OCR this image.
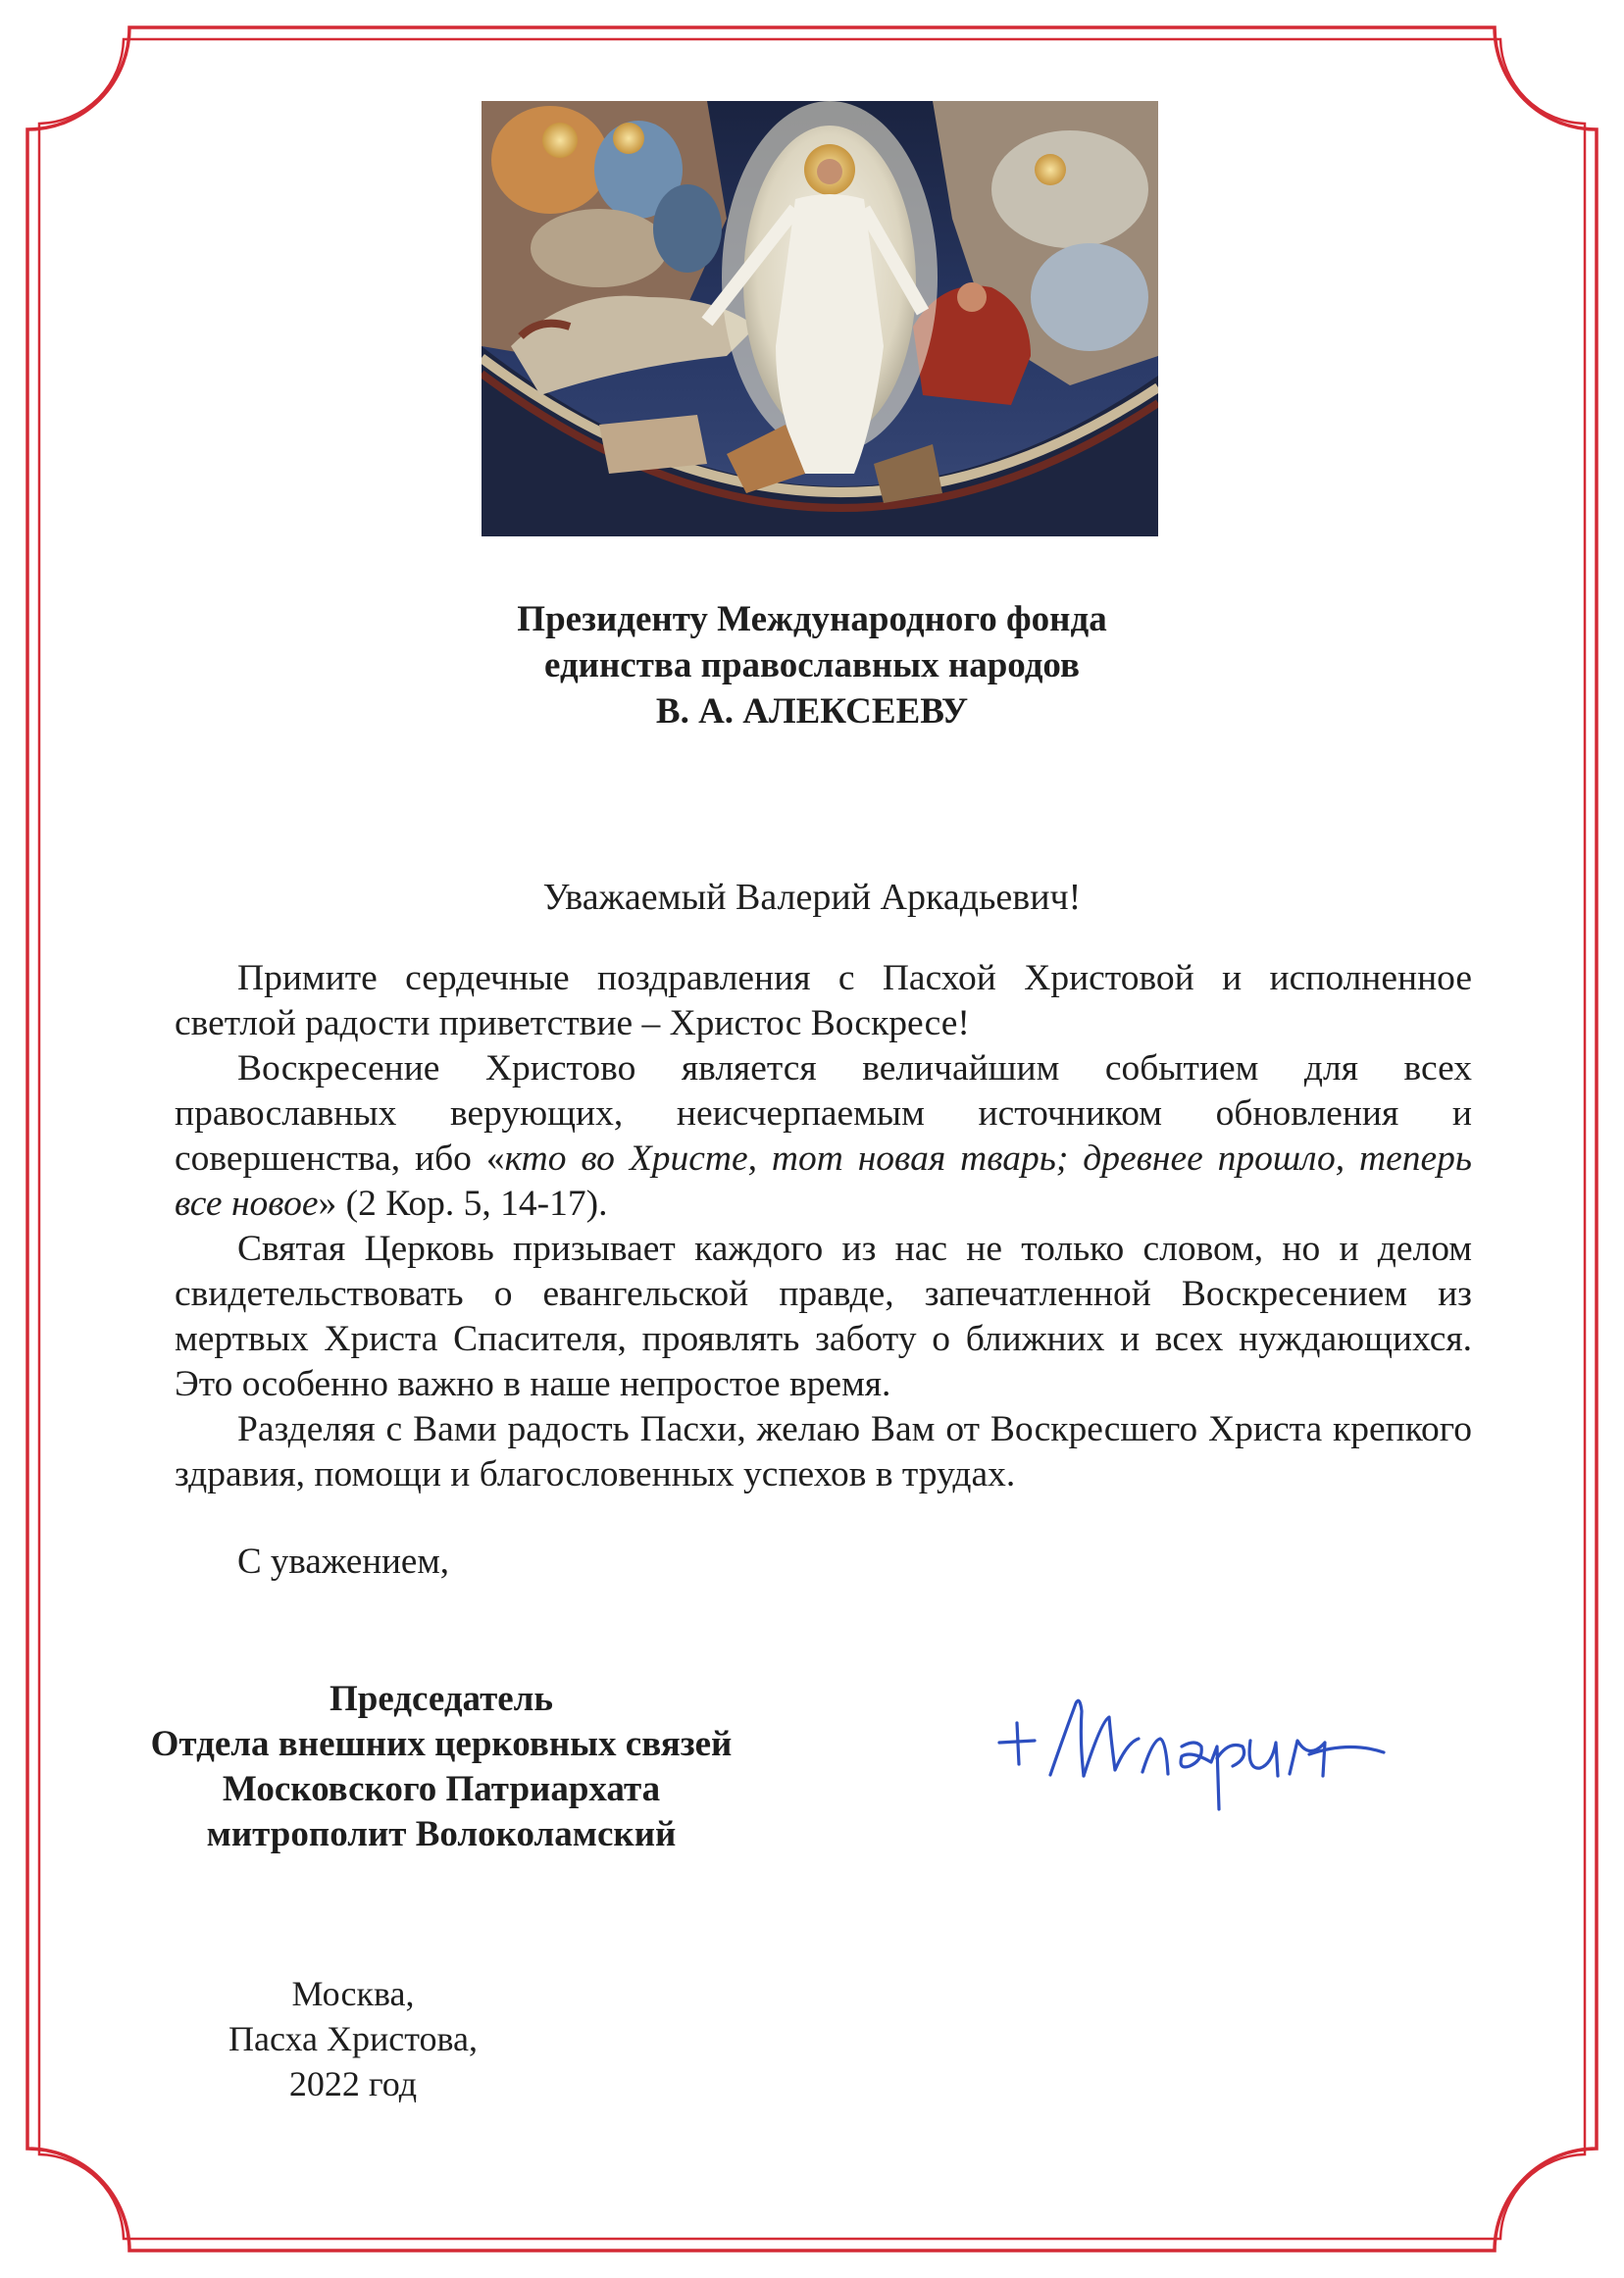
Президенту Международного фонда
единства православных народов
В. А. АЛЕКСЕЕВУ
Уважаемый Валерий Аркадьевич!

Примите сердечные поздравления с Пасхой Христовой и исполненное светлой радости приветствие – Христос Воскресе!

Воскресение Христово является величайшим событием для всех православных верующих, неисчерпаемым источником обновления и совершенства, ибо «кто во Христе, тот новая тварь; древнее прошло, теперь все новое» (2 Кор. 5, 14-17).

Святая Церковь призывает каждого из нас не только словом, но и делом свидетельствовать о евангельской правде, запечатленной Воскресением из мертвых Христа Спасителя, проявлять заботу о ближних и всех нуждающихся. Это особенно важно в наше непростое время.

Разделяя с Вами радость Пасхи, желаю Вам от Воскресшего Христа крепкого здравия, помощи и благословенных успехов в трудах.

С уважением,
Председатель
Отдела внешних церковных связей
Московского Патриархата
митрополит Волоколамский
Москва,
Пасха Христова,
2022 год
